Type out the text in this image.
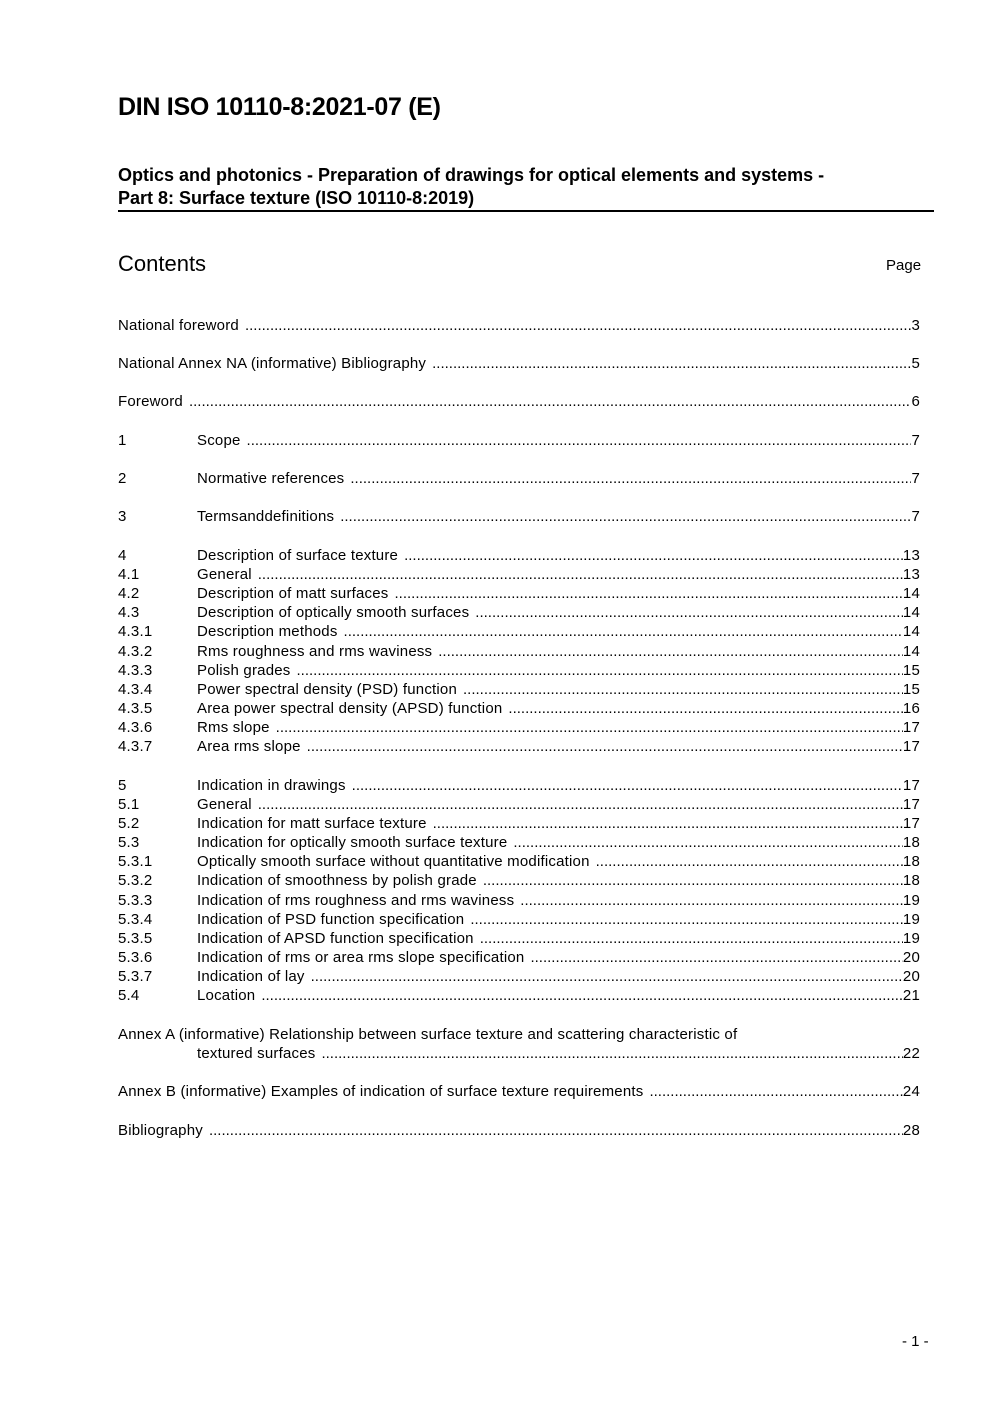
DIN ISO 10110-8:2021-07 (E)
Optics and photonics - Preparation of drawings for optical elements and systems -
Part 8: Surface texture (ISO 10110-8:2019)
Contents	Page
National foreword .....	3
National Annex NA (informative) Bibliography .....	5
Foreword .....	6
1	Scope .....	7
2	Normative references .....	7
3	Termsanddefinitions .....	7
4	Description of surface texture .....	13
4.1	General .....	13
4.2	Description of matt surfaces .....	14
4.3	Description of optically smooth surfaces .....	14
4.3.1	Description methods .....	14
4.3.2	Rms roughness and rms waviness .....	14
4.3.3	Polish grades .....	15
4.3.4	Power spectral density (PSD) function .....	15
4.3.5	Area power spectral density (APSD) function .....	16
4.3.6	Rms slope .....	17
4.3.7	Area rms slope .....	17
5	Indication in drawings .....	17
5.1	General .....	17
5.2	Indication for matt surface texture .....	17
5.3	Indication for optically smooth surface texture .....	18
5.3.1	Optically smooth surface without quantitative modification .....	18
5.3.2	Indication of smoothness by polish grade .....	18
5.3.3	Indication of rms roughness and rms waviness .....	19
5.3.4	Indication of PSD function specification .....	19
5.3.5	Indication of APSD function specification .....	19
5.3.6	Indication of rms or area rms slope specification .....	20
5.3.7	Indication of lay .....	20
5.4	Location .....	21
Annex A (informative) Relationship between surface texture and scattering characteristic of
textured surfaces .....	22
Annex B (informative) Examples of indication of surface texture requirements .....	24
Bibliography .....	28
- 1 -
